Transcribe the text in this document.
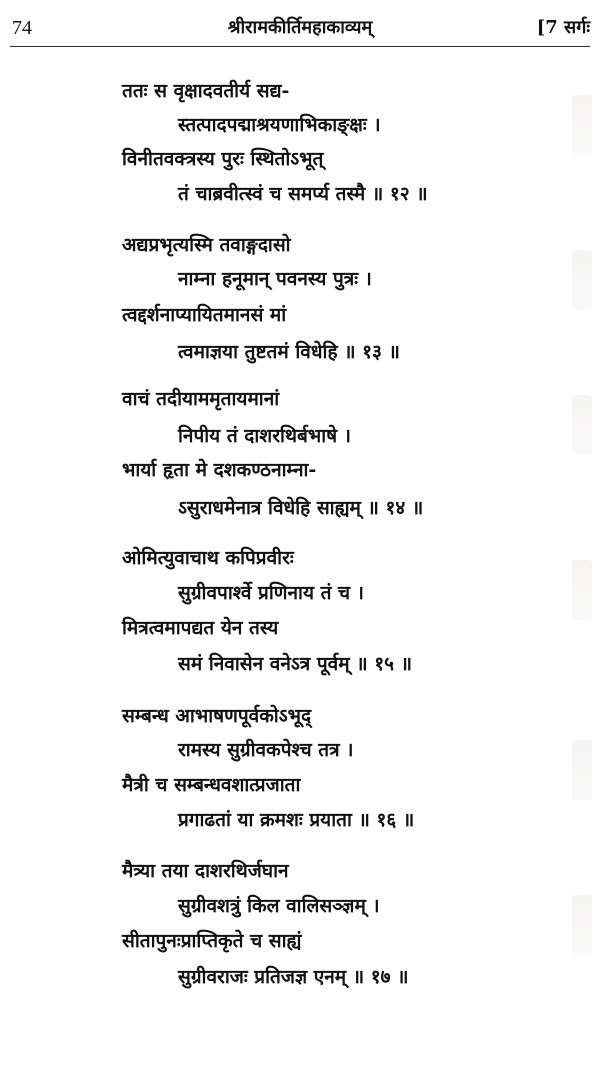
74	श्रीरामकीर्तिमहाकाव्यम्	[7 सर्गः
ततः स वृक्षादवतीर्य सद्य-
स्तत्पादपद्माश्रयणाभिकाङ्क्षः ।
विनीतवक्त्रस्य पुरः स्थितोऽभूत्
तं चाब्रवीत्स्वं च समर्प्य तस्मै ॥ १२ ॥
अद्यप्रभृत्यस्मि तवाङ्गदासो
नाम्ना हनूमान् पवनस्य पुत्रः ।
त्वद्दर्शनाप्यायितमानसं मां
त्वमाज्ञया तुष्टतमं विधेहि ॥ १३ ॥
वाचं तदीयाममृतायमानां
निपीय तं दाशरथिर्बभाषे ।
भार्या हृता मे दशकण्ठनाम्ना-
ऽसुराधमेनात्र विधेहि साह्यम् ॥ १४ ॥
ओमित्युवाचाथ कपिप्रवीरः
सुग्रीवपार्श्वे प्रणिनाय तं च ।
मित्रत्वमापद्यत येन तस्य
समं निवासेन वनेऽत्र पूर्वम् ॥ १५ ॥
सम्बन्ध आभाषणपूर्वकोऽभूद्
रामस्य सुग्रीवकपेश्च तत्र ।
मैत्री च सम्बन्धवशात्प्रजाता
प्रगाढतां या क्रमशः प्रयाता ॥ १६ ॥
मैत्र्या तया दाशरथिर्जघान
सुग्रीवशत्रुं किल वालिसञ्ज्ञम् ।
सीतापुनःप्राप्तिकृते च साह्यं
सुग्रीवराजः प्रतिजज्ञ एनम् ॥ १७ ॥
